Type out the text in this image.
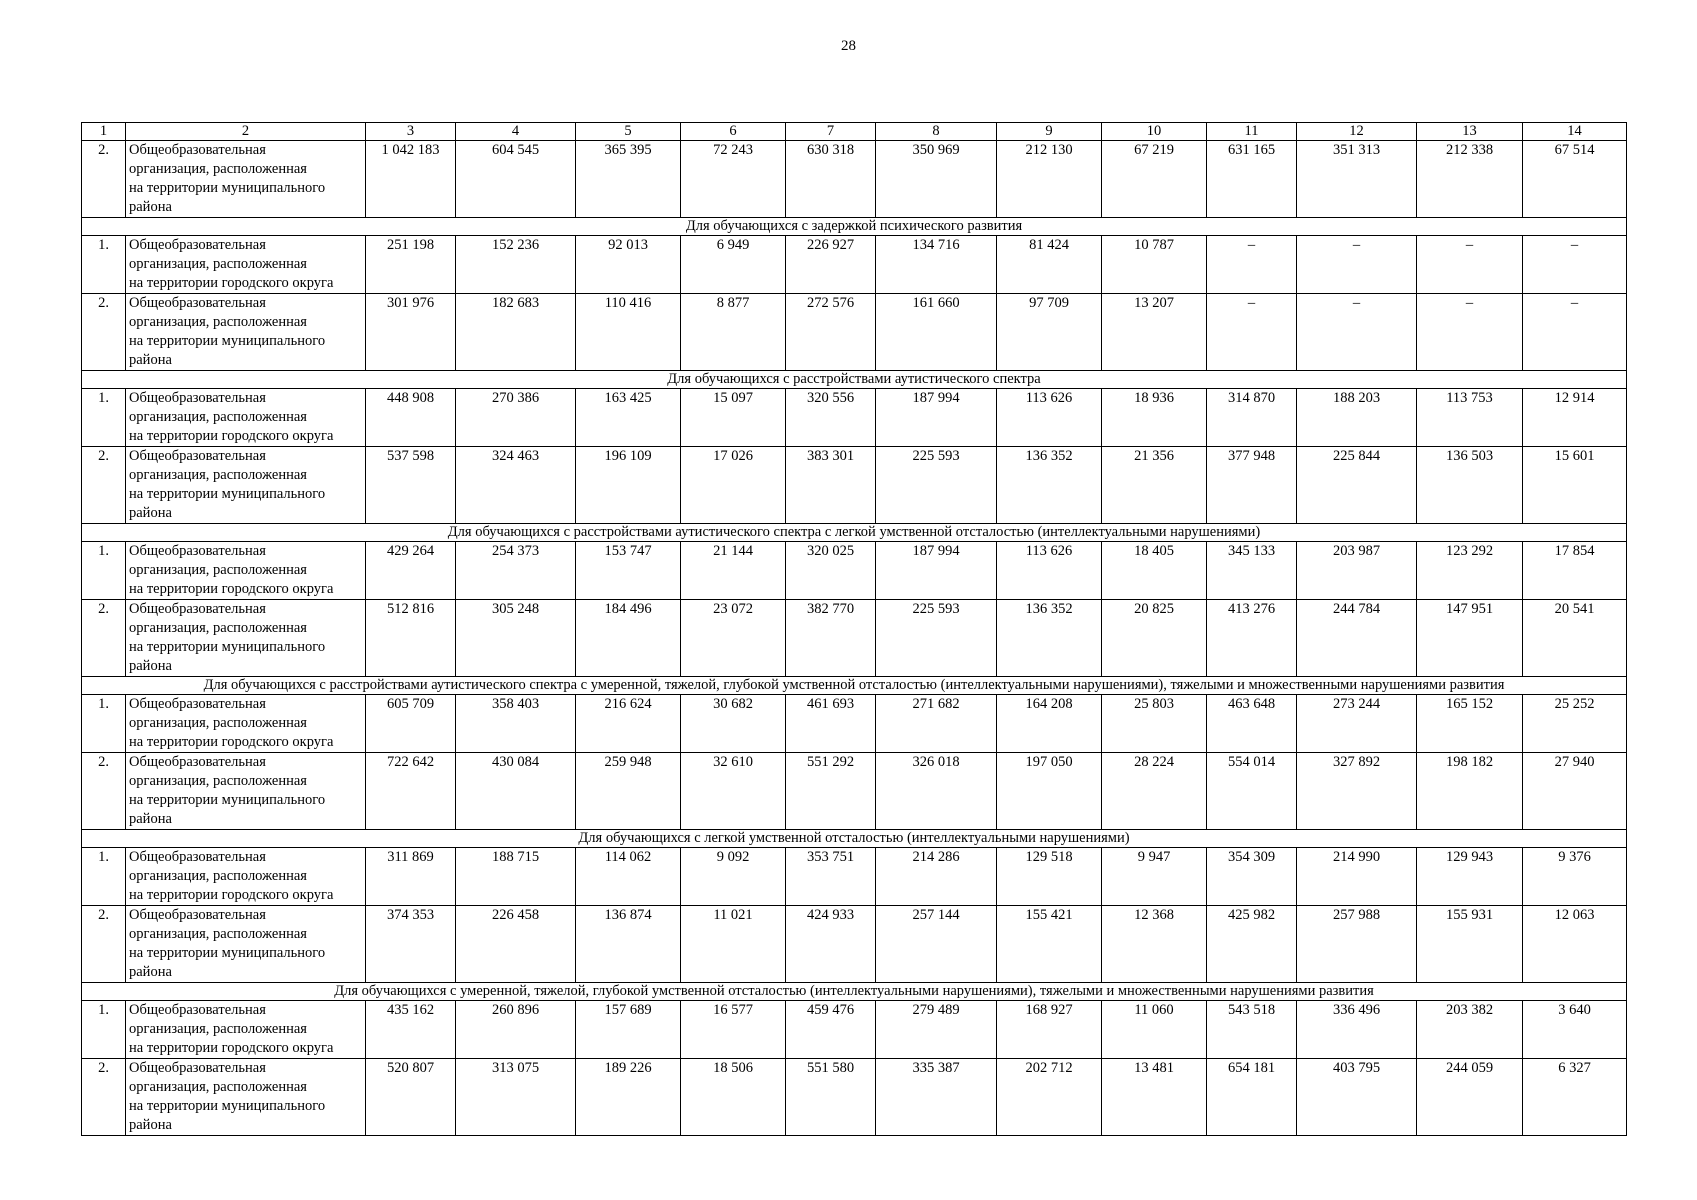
28
1	2	3	4	5	6	7	8	9	10	11	12	13	14
2.	Общеобразовательная
организация, расположенная
на территории муниципального
района	1 042 183	604 545	365 395	72 243	630 318	350 969	212 130	67 219	631 165	351 313	212 338	67 514
Для обучающихся с задержкой психического развития													
1.	Общеобразовательная
организация, расположенная
на территории городского округа	251 198	152 236	92 013	6 949	226 927	134 716	81 424	10 787	–	–	–	–
2.	Общеобразовательная
организация, расположенная
на территории муниципального
района	301 976	182 683	110 416	8 877	272 576	161 660	97 709	13 207	–	–	–	–
Для обучающихся с расстройствами аутистического спектра													
1.	Общеобразовательная
организация, расположенная
на территории городского округа	448 908	270 386	163 425	15 097	320 556	187 994	113 626	18 936	314 870	188 203	113 753	12 914
2.	Общеобразовательная
организация, расположенная
на территории муниципального
района	537 598	324 463	196 109	17 026	383 301	225 593	136 352	21 356	377 948	225 844	136 503	15 601
Для обучающихся с расстройствами аутистического спектра с легкой умственной отсталостью (интеллектуальными нарушениями)													
1.	Общеобразовательная
организация, расположенная
на территории городского округа	429 264	254 373	153 747	21 144	320 025	187 994	113 626	18 405	345 133	203 987	123 292	17 854
2.	Общеобразовательная
организация, расположенная
на территории муниципального
района	512 816	305 248	184 496	23 072	382 770	225 593	136 352	20 825	413 276	244 784	147 951	20 541
Для обучающихся с расстройствами аутистического спектра с умеренной, тяжелой, глубокой умственной отсталостью (интеллектуальными нарушениями), тяжелыми и множественными нарушениями развития													
1.	Общеобразовательная
организация, расположенная
на территории городского округа	605 709	358 403	216 624	30 682	461 693	271 682	164 208	25 803	463 648	273 244	165 152	25 252
2.	Общеобразовательная
организация, расположенная
на территории муниципального
района	722 642	430 084	259 948	32 610	551 292	326 018	197 050	28 224	554 014	327 892	198 182	27 940
Для обучающихся с легкой умственной отсталостью (интеллектуальными нарушениями)													
1.	Общеобразовательная
организация, расположенная
на территории городского округа	311 869	188 715	114 062	9 092	353 751	214 286	129 518	9 947	354 309	214 990	129 943	9 376
2.	Общеобразовательная
организация, расположенная
на территории муниципального
района	374 353	226 458	136 874	11 021	424 933	257 144	155 421	12 368	425 982	257 988	155 931	12 063
Для обучающихся с умеренной, тяжелой, глубокой умственной отсталостью (интеллектуальными нарушениями), тяжелыми и множественными нарушениями развития													
1.	Общеобразовательная
организация, расположенная
на территории городского округа	435 162	260 896	157 689	16 577	459 476	279 489	168 927	11 060	543 518	336 496	203 382	3 640
2.	Общеобразовательная
организация, расположенная
на территории муниципального
района	520 807	313 075	189 226	18 506	551 580	335 387	202 712	13 481	654 181	403 795	244 059	6 327
